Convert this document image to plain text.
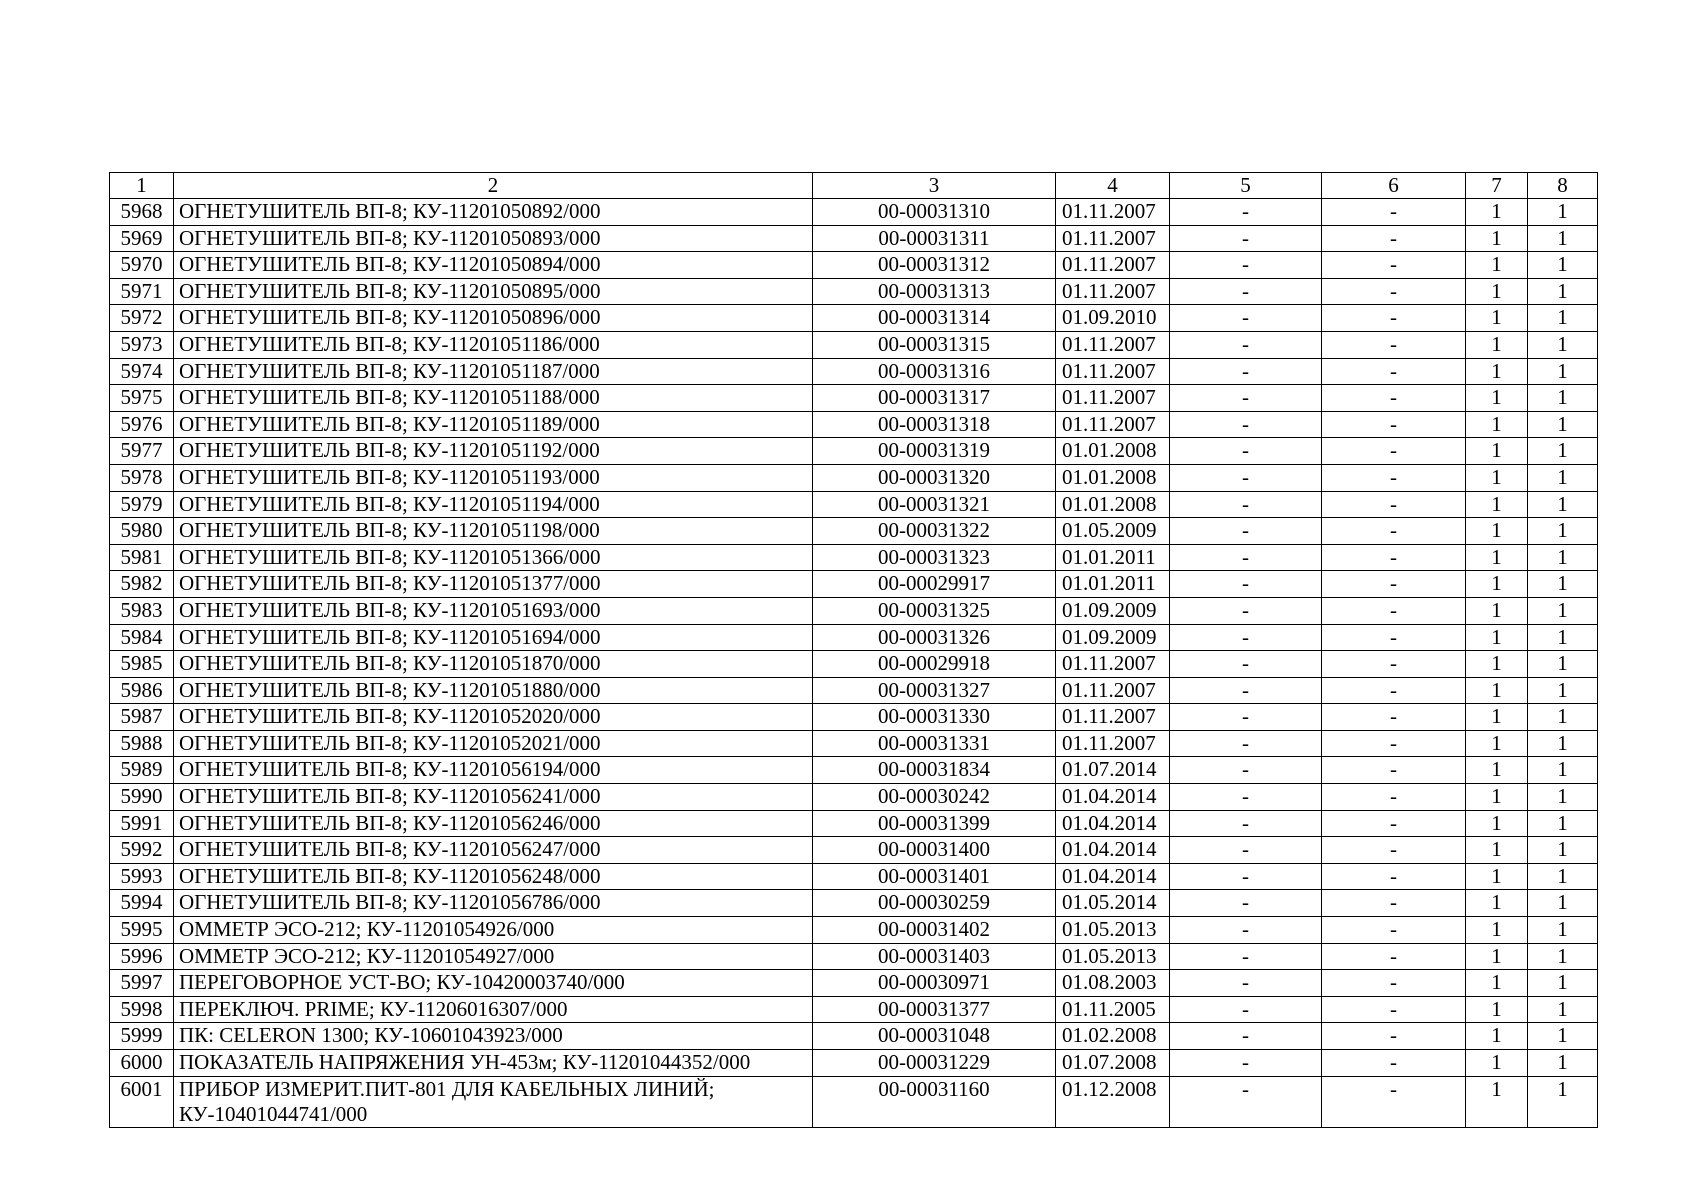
1	2	3	4	5	6	7	8
5968	ОГНЕТУШИТЕЛЬ ВП-8; КУ-11201050892/000	00-00031310	01.11.2007	-	-	1	1
5969	ОГНЕТУШИТЕЛЬ ВП-8; КУ-11201050893/000	00-00031311	01.11.2007	-	-	1	1
5970	ОГНЕТУШИТЕЛЬ ВП-8; КУ-11201050894/000	00-00031312	01.11.2007	-	-	1	1
5971	ОГНЕТУШИТЕЛЬ ВП-8; КУ-11201050895/000	00-00031313	01.11.2007	-	-	1	1
5972	ОГНЕТУШИТЕЛЬ ВП-8; КУ-11201050896/000	00-00031314	01.09.2010	-	-	1	1
5973	ОГНЕТУШИТЕЛЬ ВП-8; КУ-11201051186/000	00-00031315	01.11.2007	-	-	1	1
5974	ОГНЕТУШИТЕЛЬ ВП-8; КУ-11201051187/000	00-00031316	01.11.2007	-	-	1	1
5975	ОГНЕТУШИТЕЛЬ ВП-8; КУ-11201051188/000	00-00031317	01.11.2007	-	-	1	1
5976	ОГНЕТУШИТЕЛЬ ВП-8; КУ-11201051189/000	00-00031318	01.11.2007	-	-	1	1
5977	ОГНЕТУШИТЕЛЬ ВП-8; КУ-11201051192/000	00-00031319	01.01.2008	-	-	1	1
5978	ОГНЕТУШИТЕЛЬ ВП-8; КУ-11201051193/000	00-00031320	01.01.2008	-	-	1	1
5979	ОГНЕТУШИТЕЛЬ ВП-8; КУ-11201051194/000	00-00031321	01.01.2008	-	-	1	1
5980	ОГНЕТУШИТЕЛЬ ВП-8; КУ-11201051198/000	00-00031322	01.05.2009	-	-	1	1
5981	ОГНЕТУШИТЕЛЬ ВП-8; КУ-11201051366/000	00-00031323	01.01.2011	-	-	1	1
5982	ОГНЕТУШИТЕЛЬ ВП-8; КУ-11201051377/000	00-00029917	01.01.2011	-	-	1	1
5983	ОГНЕТУШИТЕЛЬ ВП-8; КУ-11201051693/000	00-00031325	01.09.2009	-	-	1	1
5984	ОГНЕТУШИТЕЛЬ ВП-8; КУ-11201051694/000	00-00031326	01.09.2009	-	-	1	1
5985	ОГНЕТУШИТЕЛЬ ВП-8; КУ-11201051870/000	00-00029918	01.11.2007	-	-	1	1
5986	ОГНЕТУШИТЕЛЬ ВП-8; КУ-11201051880/000	00-00031327	01.11.2007	-	-	1	1
5987	ОГНЕТУШИТЕЛЬ ВП-8; КУ-11201052020/000	00-00031330	01.11.2007	-	-	1	1
5988	ОГНЕТУШИТЕЛЬ ВП-8; КУ-11201052021/000	00-00031331	01.11.2007	-	-	1	1
5989	ОГНЕТУШИТЕЛЬ ВП-8; КУ-11201056194/000	00-00031834	01.07.2014	-	-	1	1
5990	ОГНЕТУШИТЕЛЬ ВП-8; КУ-11201056241/000	00-00030242	01.04.2014	-	-	1	1
5991	ОГНЕТУШИТЕЛЬ ВП-8; КУ-11201056246/000	00-00031399	01.04.2014	-	-	1	1
5992	ОГНЕТУШИТЕЛЬ ВП-8; КУ-11201056247/000	00-00031400	01.04.2014	-	-	1	1
5993	ОГНЕТУШИТЕЛЬ ВП-8; КУ-11201056248/000	00-00031401	01.04.2014	-	-	1	1
5994	ОГНЕТУШИТЕЛЬ ВП-8; КУ-11201056786/000	00-00030259	01.05.2014	-	-	1	1
5995	ОММЕТР ЭСО-212; КУ-11201054926/000	00-00031402	01.05.2013	-	-	1	1
5996	ОММЕТР ЭСО-212; КУ-11201054927/000	00-00031403	01.05.2013	-	-	1	1
5997	ПЕРЕГОВОРНОЕ УСТ-ВО; КУ-10420003740/000	00-00030971	01.08.2003	-	-	1	1
5998	ПЕРЕКЛЮЧ. PRIME; КУ-11206016307/000	00-00031377	01.11.2005	-	-	1	1
5999	ПК: CELERON 1300; КУ-10601043923/000	00-00031048	01.02.2008	-	-	1	1
6000	ПОКАЗАТЕЛЬ НАПРЯЖЕНИЯ УН-453м; КУ-11201044352/000	00-00031229	01.07.2008	-	-	1	1
6001	ПРИБОР ИЗМЕРИТ.ПИТ-801 ДЛЯ КАБЕЛЬНЫХ ЛИНИЙ; КУ-10401044741/000	00-00031160	01.12.2008	-	-	1	1
